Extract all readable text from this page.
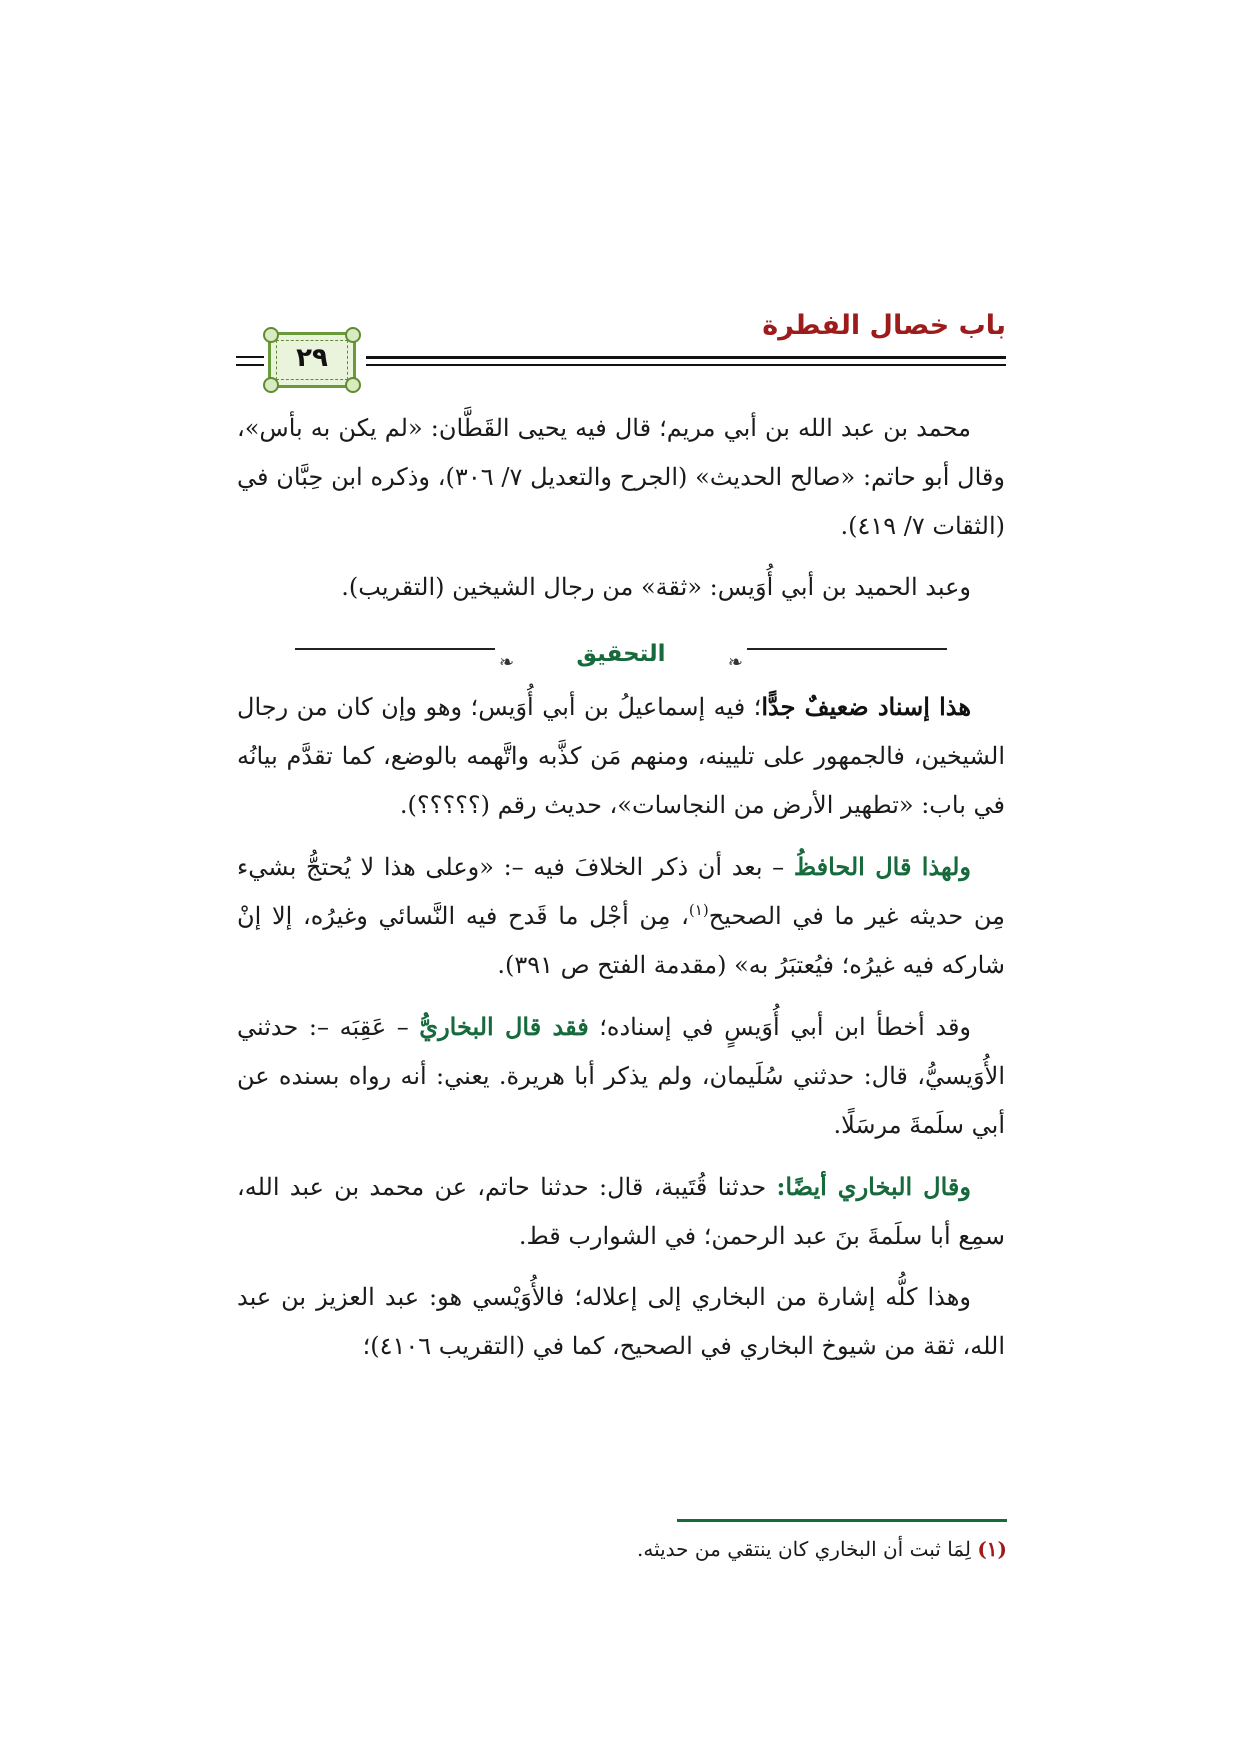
باب خصال الفطرة
٢٩

محمد بن عبد الله بن أبي مريم؛ قال فيه يحيى القَطَّان: «لم يكن به بأس»، وقال أبو حاتم: «صالح الحديث» (الجرح والتعديل ٧/ ٣٠٦)، وذكره ابن حِبَّان في (الثقات ٧/ ٤١٩).

وعبد الحميد بن أبي أُوَيس: «ثقة» من رجال الشيخين (التقريب).

❧	التحقيق	❧

هذا إسناد ضعيفٌ جدًّا؛ فيه إسماعيلُ بن أبي أُوَيس؛ وهو وإن كان من رجال الشيخين، فالجمهور على تليينه، ومنهم مَن كذَّبه واتَّهمه بالوضع، كما تقدَّم بيانُه في باب: «تطهير الأرض من النجاسات»، حديث رقم (؟؟؟؟؟).

ولهذا قال الحافظُ – بعد أن ذكر الخلافَ فيه –: «وعلى هذا لا يُحتجُّ بشيء مِن حديثه غير ما في الصحيح$^{(١)}$، مِن أجْل ما قَدح فيه النَّسائي وغيرُه، إلا إنْ شاركه فيه غيرُه؛ فيُعتبَرُ به» (مقدمة الفتح ص ٣٩١).

وقد أخطأ ابن أبي أُوَيسٍ في إسناده؛ فقد قال البخاريُّ – عَقِبَه –: حدثني الأُوَيسيُّ، قال: حدثني سُلَيمان، ولم يذكر أبا هريرة. يعني: أنه رواه بسنده عن أبي سلَمةَ مرسَلًا.

وقال البخاري أيضًا: حدثنا قُتَيبة، قال: حدثنا حاتم، عن محمد بن عبد الله، سمِع أبا سلَمةَ بنَ عبد الرحمن؛ في الشوارب قط.

وهذا كلُّه إشارة من البخاري إلى إعلاله؛ فالأُوَيْسي هو: عبد العزيز بن عبد الله، ثقة من شيوخ البخاري في الصحيح، كما في (التقريب ٤١٠٦)؛

(١) لِمَا ثبت أن البخاري كان ينتقي من حديثه.
